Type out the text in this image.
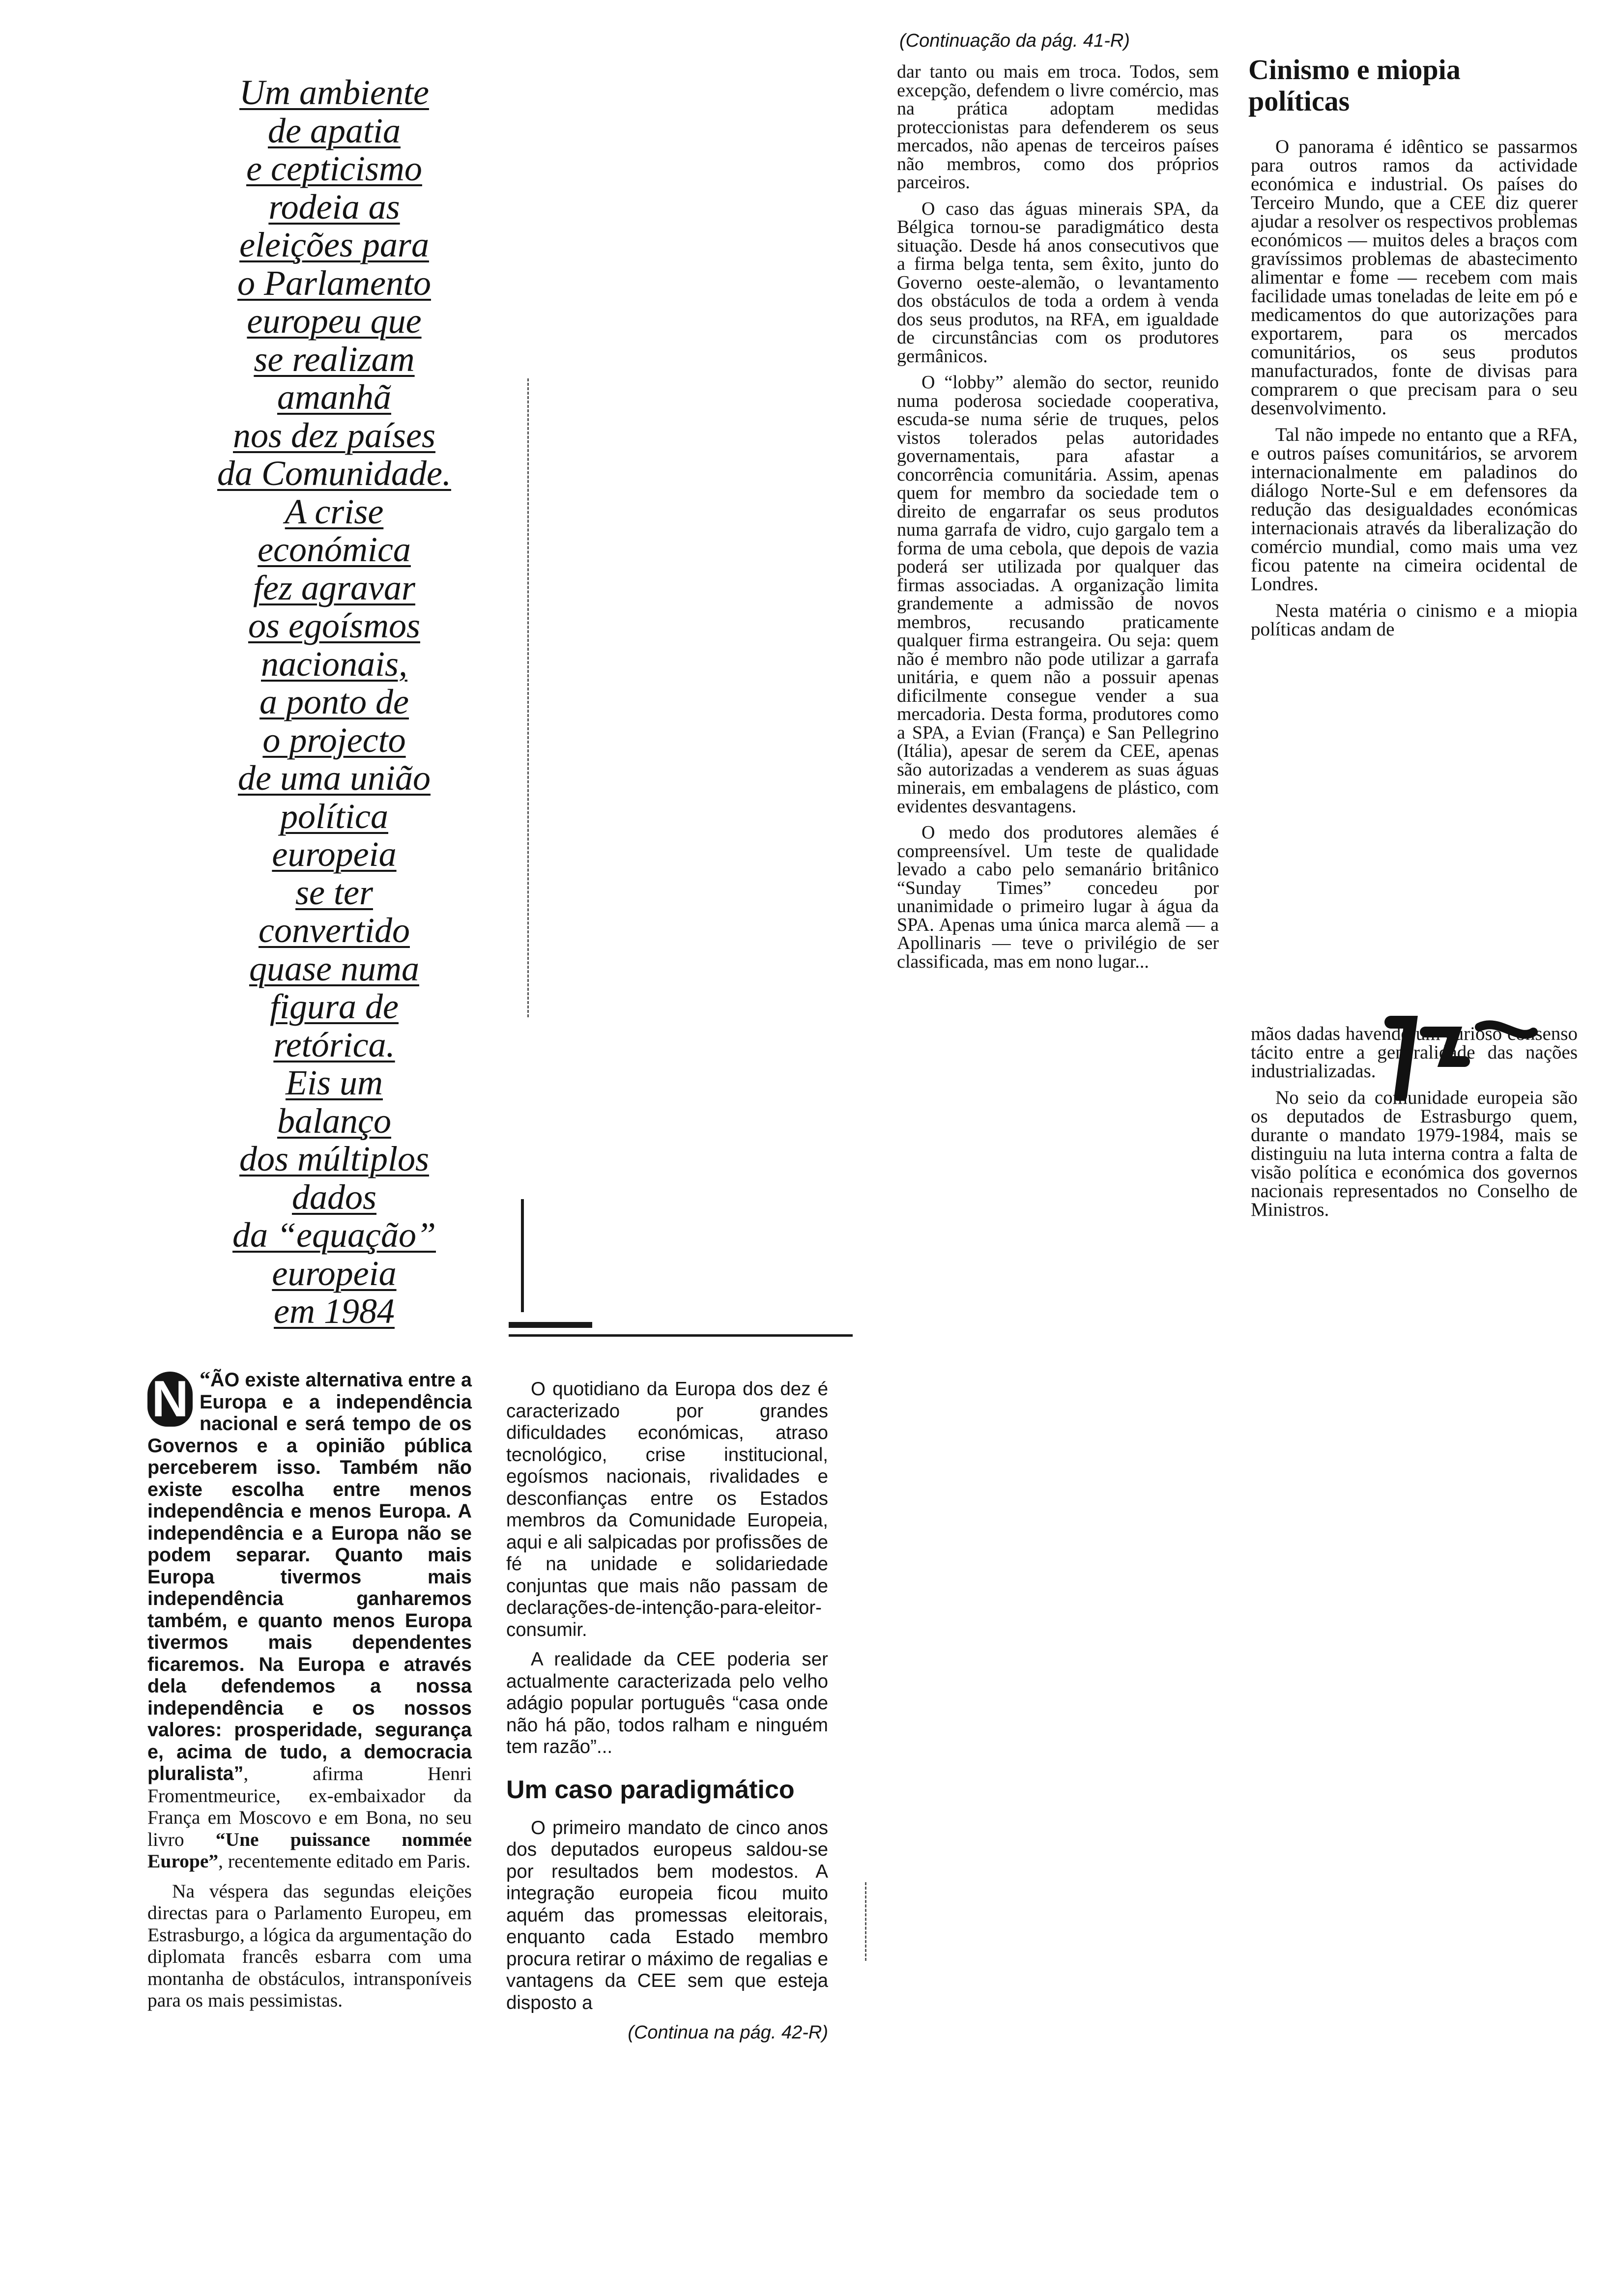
Um ambiente
de apatia
e cepticismo
rodeia as
eleições para
o Parlamento
europeu que
se realizam
amanhã
nos dez países
da Comunidade.
A crise
económica
fez agravar
os egoísmos
nacionais,
a ponto de
o projecto
de uma união
política
europeia
se ter
convertido
quase numa
figura de
retórica.
Eis um
balanço
dos múltiplos
dados
da “equação”
europeia
em 1984

“
N ÃO existe alternativa entre a Europa e a independência nacional e será tempo de os Governos e a opinião pública perceberem isso. Também não existe escolha entre menos independência e menos Europa. A independência e a Europa não se podem separar. Quanto mais Europa tivermos mais independência ganharemos também, e quanto menos Europa tivermos mais dependentes ficaremos. Na Europa e através dela defendemos a nossa independência e os nossos valores: prosperidade, segurança e, acima de tudo, a democracia pluralista”, afirma Henri Fromentmeurice, ex-embaixador da França em Moscovo e em Bona, no seu livro “Une puissance nommée Europe”, recentemente editado em Paris.

Na véspera das segundas eleições directas para o Parlamento Europeu, em Estrasburgo, a lógica da argumentação do diplomata francês esbarra com uma montanha de obstáculos, intransponíveis para os mais pessimistas.

O quotidiano da Europa dos dez é caracterizado por grandes dificuldades económicas, atraso tecnológico, crise institucional, egoísmos nacionais, rivalidades e desconfianças entre os Estados membros da Comunidade Europeia, aqui e ali salpicadas por profissões de fé na unidade e solidariedade conjuntas que mais não passam de declarações-de-intenção-para-eleitor-consumir.

A realidade da CEE poderia ser actualmente caracterizada pelo velho adágio popular português “casa onde não há pão, todos ralham e ninguém tem razão”...

Um caso paradigmático

O primeiro mandato de cinco anos dos deputados europeus saldou-se por resultados bem modestos. A integração europeia ficou muito aquém das promessas eleitorais, enquanto cada Estado membro procura retirar o máximo de regalias e vantagens da CEE sem que esteja disposto a

(Continua na pág. 42-R)
(Continuação da pág. 41-R)

dar tanto ou mais em troca. Todos, sem excepção, defendem o livre comércio, mas na prática adoptam medidas proteccionistas para defenderem os seus mercados, não apenas de terceiros países não membros, como dos próprios parceiros.

O caso das águas minerais SPA, da Bélgica tornou-se paradigmático desta situação. Desde há anos consecutivos que a firma belga tenta, sem êxito, junto do Governo oeste-alemão, o levantamento dos obstáculos de toda a ordem à venda dos seus produtos, na RFA, em igualdade de circunstâncias com os produtores germânicos.

O “lobby” alemão do sector, reunido numa poderosa sociedade cooperativa, escuda-se numa série de truques, pelos vistos tolerados pelas autoridades governamentais, para afastar a concorrência comunitária. Assim, apenas quem for membro da sociedade tem o direito de engarrafar os seus produtos numa garrafa de vidro, cujo gargalo tem a forma de uma cebola, que depois de vazia poderá ser utilizada por qualquer das firmas associadas. A organização limita grandemente a admissão de novos membros, recusando praticamente qualquer firma estrangeira. Ou seja: quem não é membro não pode utilizar a garrafa unitária, e quem não a possuir apenas dificilmente consegue vender a sua mercadoria. Desta forma, produtores como a SPA, a Evian (França) e San Pellegrino (Itália), apesar de serem da CEE, apenas são autorizadas a venderem as suas águas minerais, em embalagens de plástico, com evidentes desvantagens.

O medo dos produtores alemães é compreensível. Um teste de qualidade levado a cabo pelo semanário britânico “Sunday Times” concedeu por unanimidade o primeiro lugar à água da SPA. Apenas uma única marca alemã — a Apollinaris — teve o privilégio de ser classificada, mas em nono lugar...

Cinismo e miopia políticas

O panorama é idêntico se passarmos para outros ramos da actividade económica e industrial. Os países do Terceiro Mundo, que a CEE diz querer ajudar a resolver os respectivos problemas económicos — muitos deles a braços com gravíssimos problemas de abastecimento alimentar e fome — recebem com mais facilidade umas toneladas de leite em pó e medicamentos do que autorizações para exportarem, para os mercados comunitários, os seus produtos manufacturados, fonte de divisas para comprarem o que precisam para o seu desenvolvimento.

Tal não impede no entanto que a RFA, e outros países comunitários, se arvorem internacionalmente em paladinos do diálogo Norte-Sul e em defensores da redução das desigualdades económicas internacionais através da liberalização do comércio mundial, como mais uma vez ficou patente na cimeira ocidental de Londres.

Nesta matéria o cinismo e a miopia políticas andam de

mãos dadas havendo um curioso consenso tácito entre a generalidade das nações industrializadas.

No seio da comunidade europeia são os deputados de Estrasburgo quem, durante o mandato 1979-1984, mais se distinguiu na luta interna contra a falta de visão política e económica dos governos nacionais representados no Conselho de Ministros.
